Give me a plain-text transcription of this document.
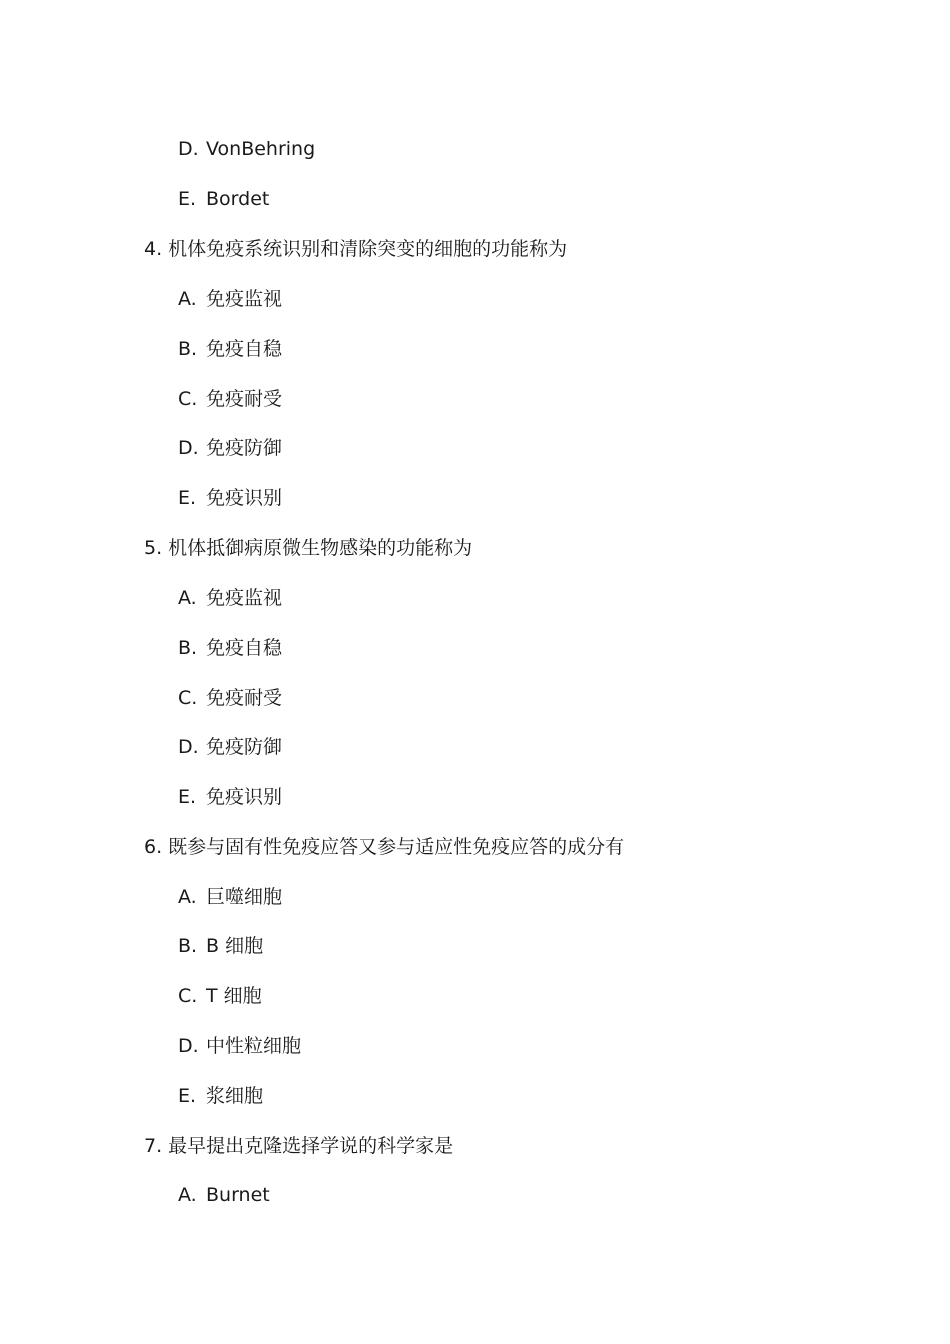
D. VonBehring
E. Bordet
4. 机体免疫系统识别和清除突变的细胞的功能称为
A. 免疫监视
B. 免疫自稳
C. 免疫耐受
D. 免疫防御
E. 免疫识别
5. 机体抵御病原微生物感染的功能称为
A. 免疫监视
B. 免疫自稳
C. 免疫耐受
D. 免疫防御
E. 免疫识别
6. 既参与固有性免疫应答又参与适应性免疫应答的成分有
A. 巨噬细胞
B. B 细胞
C. T 细胞
D. 中性粒细胞
E. 浆细胞
7. 最早提出克隆选择学说的科学家是
A. Burnet
